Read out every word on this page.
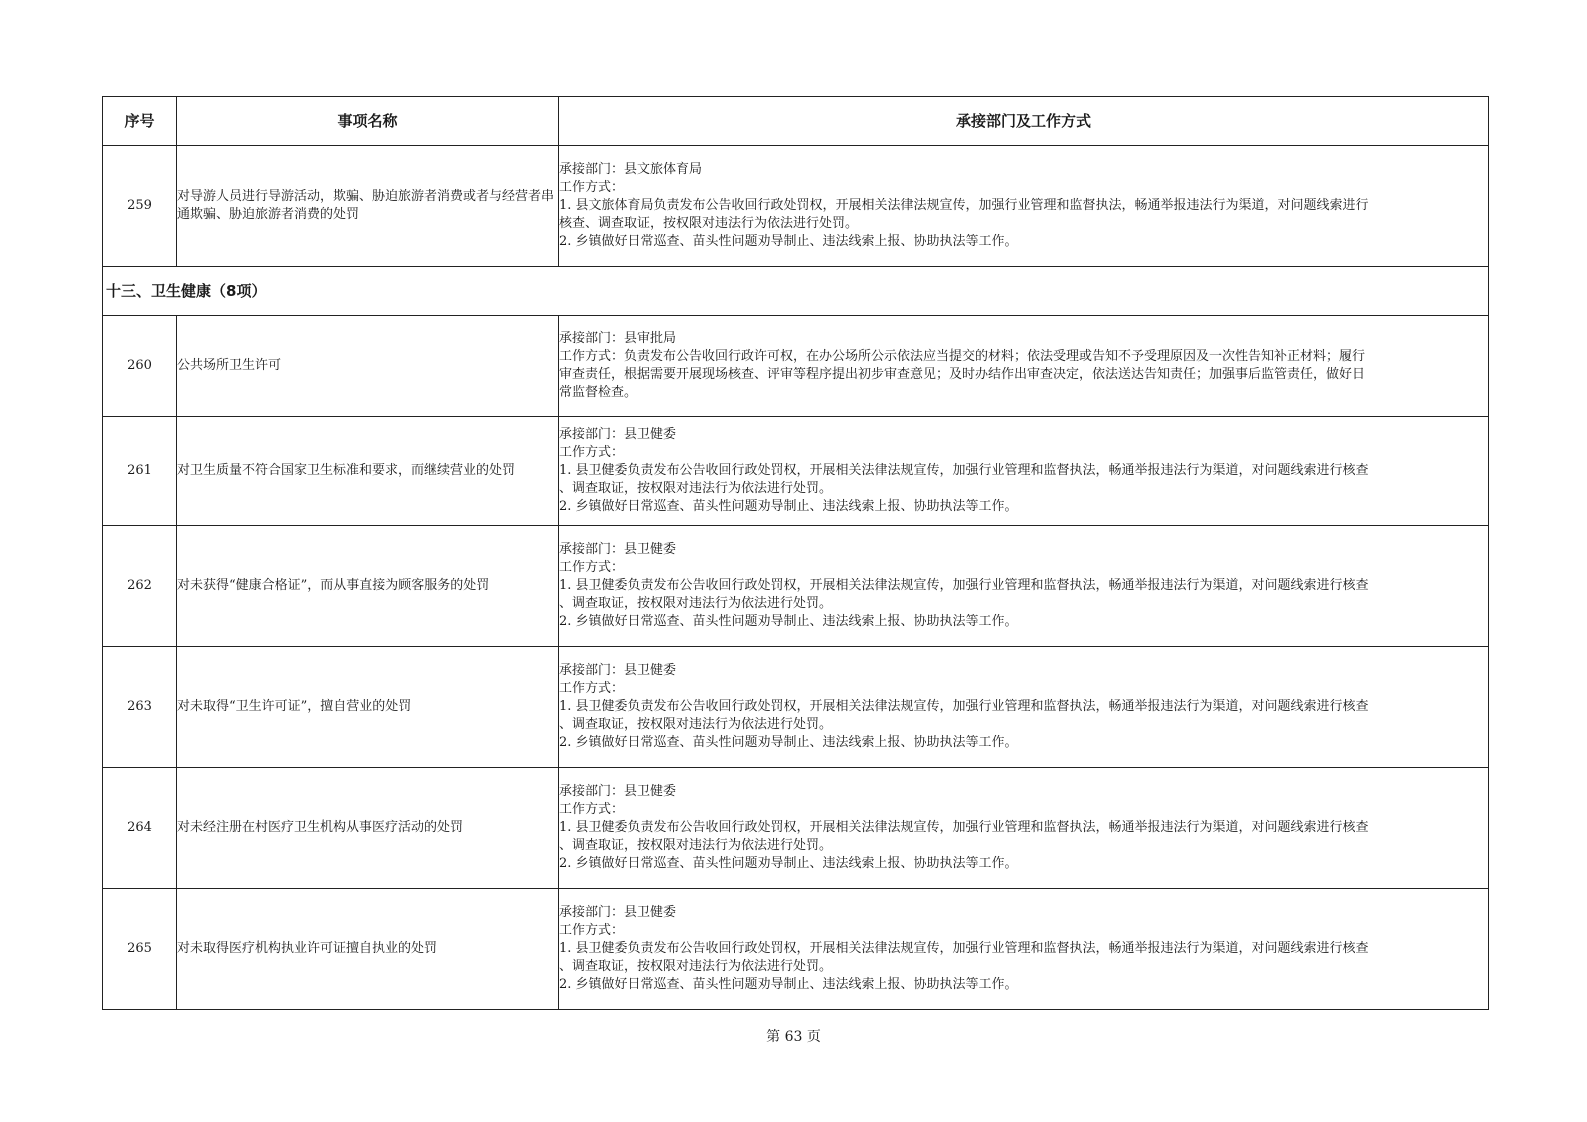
序号	事项名称	承接部门及工作方式
259	对导游人员进行导游活动，欺骗、胁迫旅游者消费或者与经营者串通欺骗、胁迫旅游者消费的处罚	承接部门：县文旅体育局
工作方式：
1. 县文旅体育局负责发布公告收回行政处罚权，开展相关法律法规宣传，加强行业管理和监督执法，畅通举报违法行为渠道，对问题线索进行
核查、调查取证，按权限对违法行为依法进行处罚。
2. 乡镇做好日常巡查、苗头性问题劝导制止、违法线索上报、协助执法等工作。

十三、卫生健康（8项）		
260	公共场所卫生许可	承接部门：县审批局
工作方式：负责发布公告收回行政许可权，在办公场所公示依法应当提交的材料；依法受理或告知不予受理原因及一次性告知补正材料；履行
审查责任，根据需要开展现场核查、评审等程序提出初步审查意见；及时办结作出审查决定，依法送达告知责任；加强事后监管责任，做好日
常监督检查。

261	对卫生质量不符合国家卫生标准和要求，而继续营业的处罚	承接部门：县卫健委
工作方式：
1. 县卫健委负责发布公告收回行政处罚权，开展相关法律法规宣传，加强行业管理和监督执法，畅通举报违法行为渠道，对问题线索进行核查
、调查取证，按权限对违法行为依法进行处罚。
2. 乡镇做好日常巡查、苗头性问题劝导制止、违法线索上报、协助执法等工作。

262	对未获得“健康合格证”，而从事直接为顾客服务的处罚	承接部门：县卫健委
工作方式：
1. 县卫健委负责发布公告收回行政处罚权，开展相关法律法规宣传，加强行业管理和监督执法，畅通举报违法行为渠道，对问题线索进行核查
、调查取证，按权限对违法行为依法进行处罚。
2. 乡镇做好日常巡查、苗头性问题劝导制止、违法线索上报、协助执法等工作。

263	对未取得“卫生许可证”，擅自营业的处罚	承接部门：县卫健委
工作方式：
1. 县卫健委负责发布公告收回行政处罚权，开展相关法律法规宣传，加强行业管理和监督执法，畅通举报违法行为渠道，对问题线索进行核查
、调查取证，按权限对违法行为依法进行处罚。
2. 乡镇做好日常巡查、苗头性问题劝导制止、违法线索上报、协助执法等工作。

264	对未经注册在村医疗卫生机构从事医疗活动的处罚	承接部门：县卫健委
工作方式：
1. 县卫健委负责发布公告收回行政处罚权，开展相关法律法规宣传，加强行业管理和监督执法，畅通举报违法行为渠道，对问题线索进行核查
、调查取证，按权限对违法行为依法进行处罚。
2. 乡镇做好日常巡查、苗头性问题劝导制止、违法线索上报、协助执法等工作。

265	对未取得医疗机构执业许可证擅自执业的处罚	承接部门：县卫健委
工作方式：
1. 县卫健委负责发布公告收回行政处罚权，开展相关法律法规宣传，加强行业管理和监督执法，畅通举报违法行为渠道，对问题线索进行核查
、调查取证，按权限对违法行为依法进行处罚。
2. 乡镇做好日常巡查、苗头性问题劝导制止、违法线索上报、协助执法等工作。
第 63 页
